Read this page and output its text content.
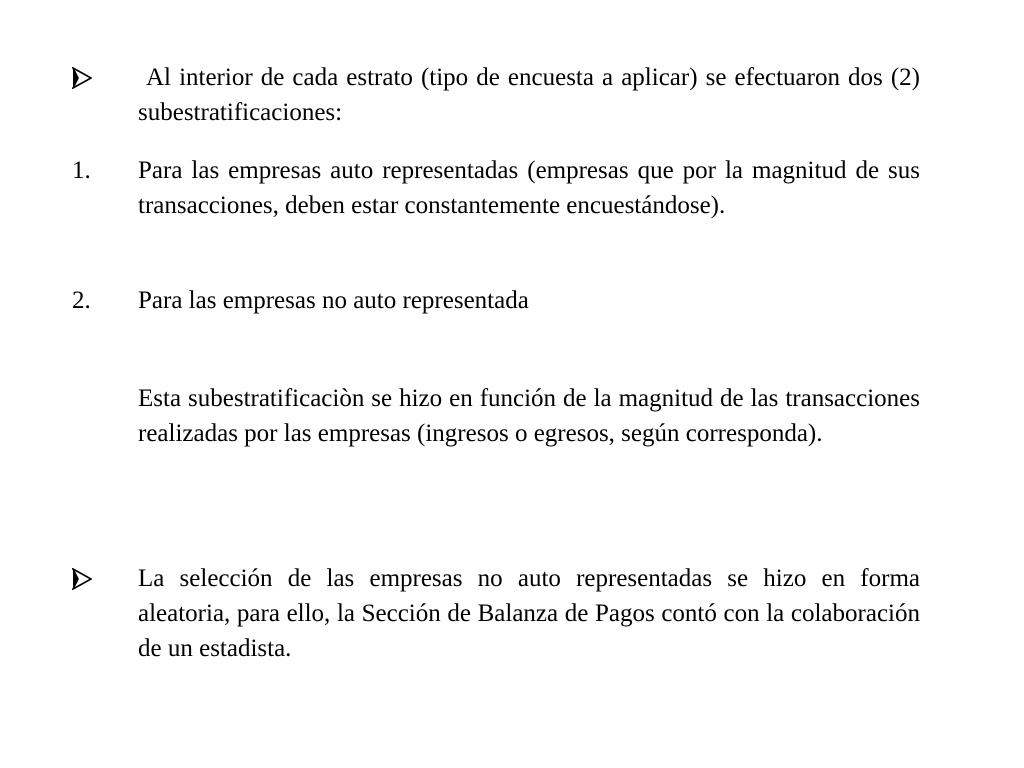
Al interior de cada estrato (tipo de encuesta a aplicar) se efectuaron dos (2) subestratificaciones:
1.	Para las empresas auto representadas (empresas que por la magnitud de sus transacciones, deben estar constantemente encuestándose).
2.	Para las empresas no auto representada
Esta subestratificaciòn se hizo en función de la magnitud de las transacciones realizadas por las empresas (ingresos o egresos, según corresponda).
La selección de las empresas no auto representadas se hizo en forma aleatoria, para ello, la Sección de Balanza de Pagos contó con la colaboración de un estadista.
